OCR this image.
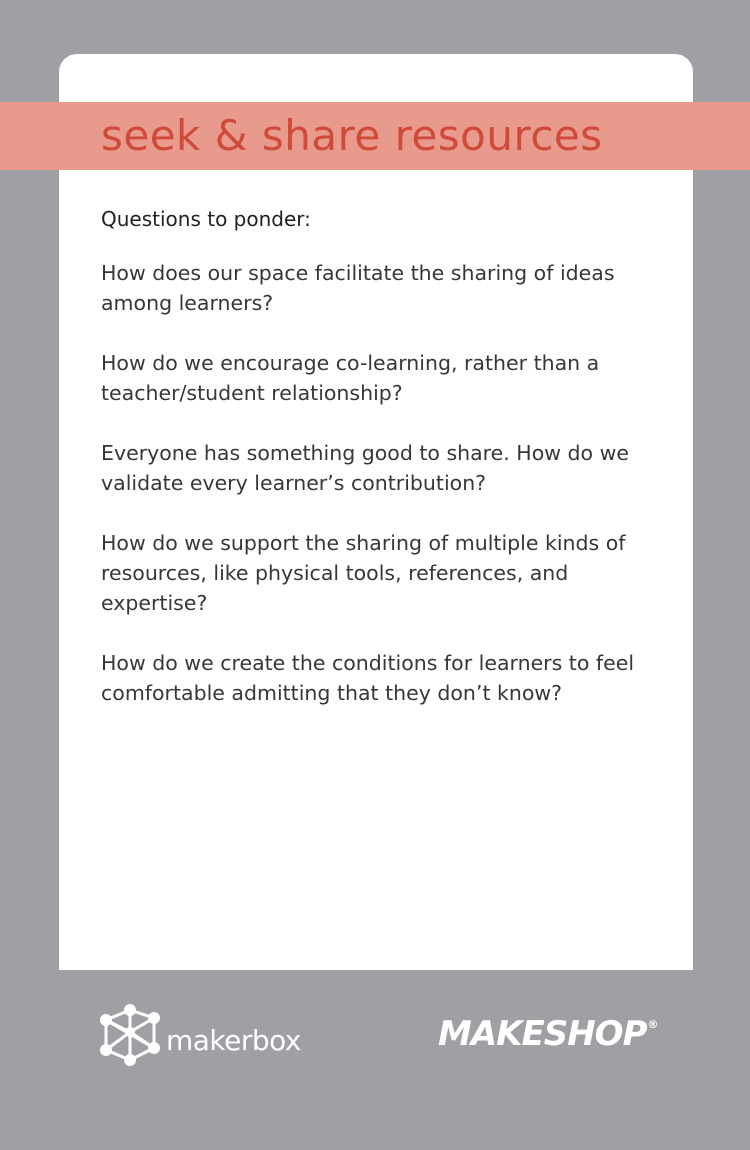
seek & share resources

Questions to ponder:

How does our space facilitate the sharing of ideas among learners?
How do we encourage co-learning, rather than a teacher/student relationship?
Everyone has something good to share. How do we validate every learner’s contribution?
How do we support the sharing of multiple kinds of resources, like physical tools, references, and expertise?
How do we create the conditions for learners to feel comfortable admitting that they don’t know?
makerbox	MAKESHOP®
